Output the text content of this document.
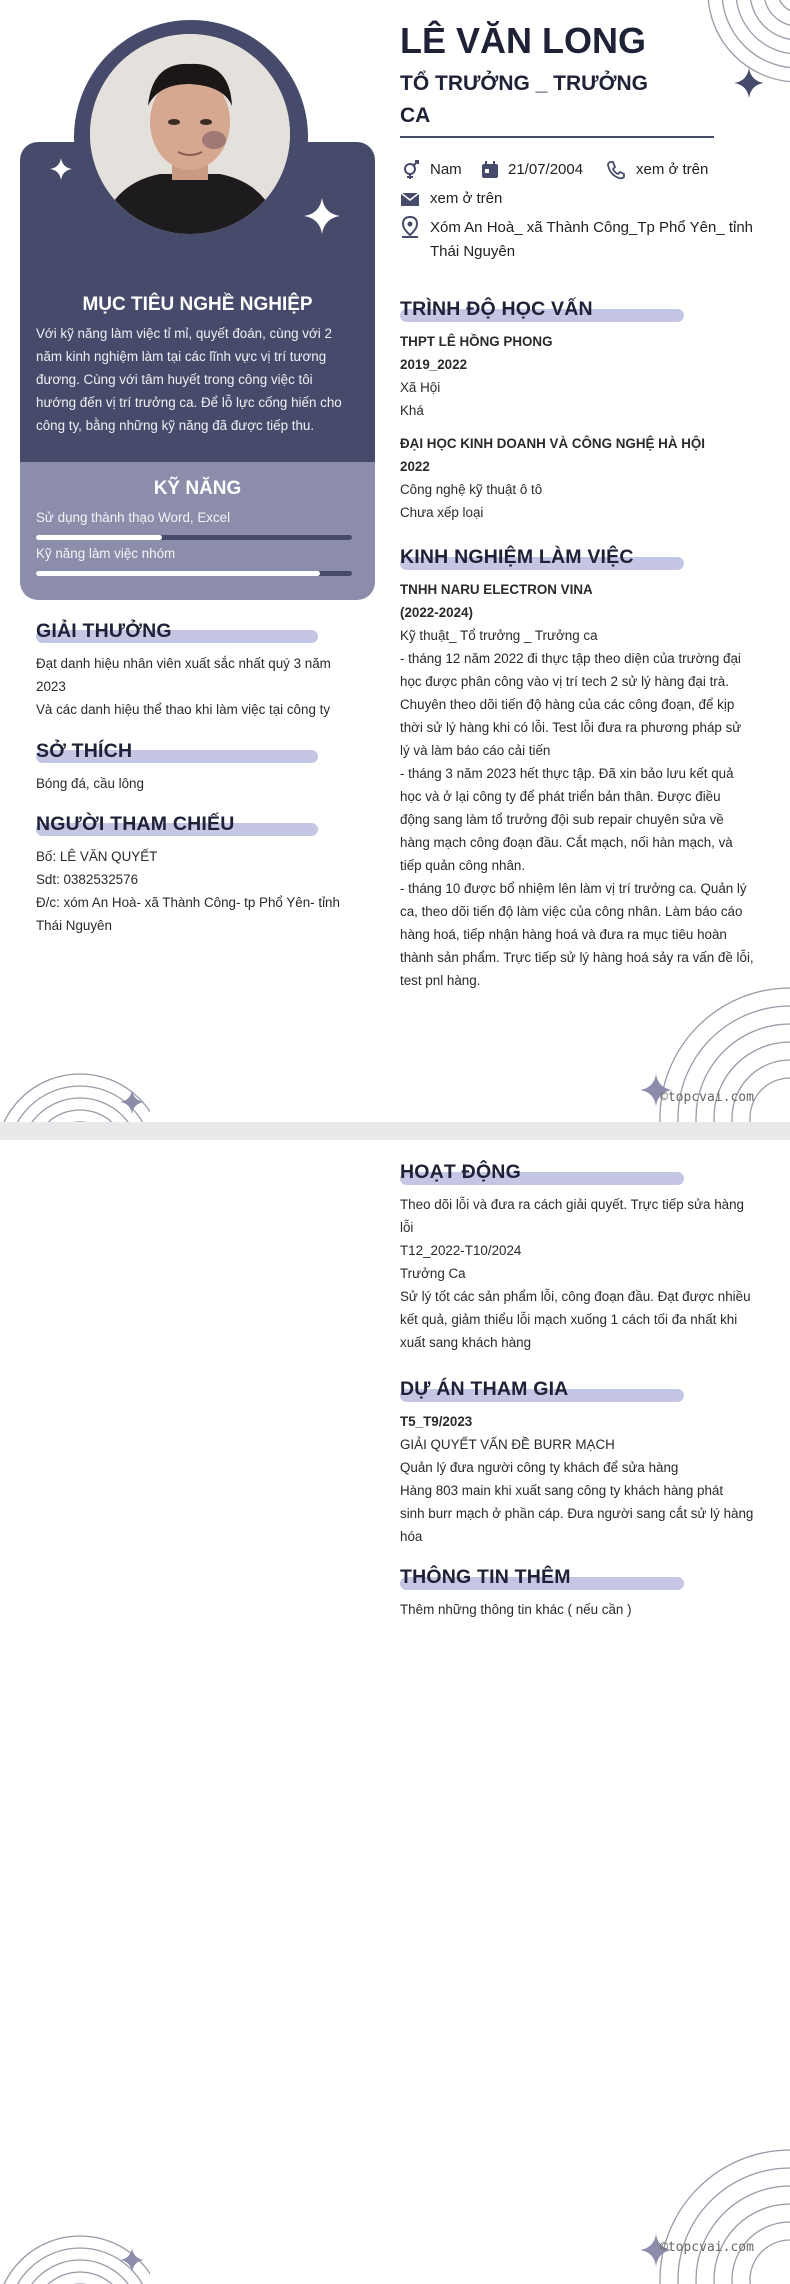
MỤC TIÊU NGHỀ NGHIỆP
Với kỹ năng làm việc tỉ mỉ, quyết đoán, cùng với 2
năm kinh nghiệm làm tại các lĩnh vực vị trí tương
đương. Cùng với tâm huyết trong công việc tôi
hướng đến vị trí trưởng ca. Để lỗ lực cống hiến cho
công ty, bằng những kỹ năng đã được tiếp thu.
KỸ NĂNG
Sử dụng thành thạo Word, Excel
Kỹ năng làm việc nhóm
GIẢI THƯỞNG
Đạt danh hiệu nhân viên xuất sắc nhất quý 3 năm
2023
Và các danh hiệu thể thao khi làm việc tại công ty
SỞ THÍCH
Bóng đá, cầu lông
NGƯỜI THAM CHIẾU
Bố: LÊ VĂN QUYẾT
Sdt: 0382532576
Đ/c: xóm An Hoà- xã Thành Công- tp Phổ Yên- tỉnh
Thái Nguyên
LÊ VĂN LONG
TỔ TRƯỞNG _ TRƯỞNG
CA
Nam	21/07/2004	xem ở trên
xem ở trên
Xóm An Hoà_ xã Thành Công_Tp Phổ Yên_ tỉnh
Thái Nguyên
TRÌNH ĐỘ HỌC VẤN
THPT LÊ HỒNG PHONG
2019_2022
Xã Hội
Khá
ĐẠI HỌC KINH DOANH VÀ CÔNG NGHỆ HÀ HỘI
2022
Công nghệ kỹ thuật ô tô
Chưa xếp loại
KINH NGHIỆM LÀM VIỆC
TNHH NARU ELECTRON VINA
(2022-2024)
Kỹ thuật_ Tổ trưởng _ Trưởng ca
- tháng 12 năm 2022 đi thực tập theo diện của trường đại
học được phân công vào vị trí tech 2 sử lý hàng đại trà.
Chuyên theo dõi tiến độ hàng của các công đoạn, để kịp
thời sử lý hàng khi có lỗi. Test lỗi đưa ra phương pháp sử
lý và làm báo cáo cải tiến
- tháng 3 năm 2023 hết thực tập. Đã xin bảo lưu kết quả
học và ở lại công ty để phát triển bản thân. Được điều
động sang làm tổ trưởng đội sub repair chuyên sửa về
hàng mạch công đoạn đầu. Cắt mạch, nối hàn mạch, và
tiếp quản công nhân.
- tháng 10 được bổ nhiệm lên làm vị trí trưởng ca. Quản lý
ca, theo dõi tiến độ làm việc của công nhân. Làm báo cáo
hàng hoá, tiếp nhận hàng hoá và đưa ra mục tiêu hoàn
thành sản phẩm. Trực tiếp sử lý hàng hoá sảy ra vấn đề lỗi,
test pnl hàng.
©topcvai.com
HOẠT ĐỘNG
Theo dõi lỗi và đưa ra cách giải quyết. Trực tiếp sửa hàng
lỗi
T12_2022-T10/2024
Trưởng Ca
Sử lý tốt các sản phẩm lỗi, công đoạn đầu. Đạt được nhiều
kết quả, giảm thiểu lỗi mạch xuống 1 cách tối đa nhất khi
xuất sang khách hàng
DỰ ÁN THAM GIA
T5_T9/2023
GIẢI QUYẾT VẤN ĐỀ BURR MẠCH
Quản lý đưa người công ty khách để sửa hàng
Hàng 803 main khi xuất sang công ty khách hàng phát
sinh burr mạch ở phần cáp. Đưa người sang cắt sử lý hàng
hóa
THÔNG TIN THÊM
Thêm những thông tin khác ( nếu cần )
©topcvai.com
